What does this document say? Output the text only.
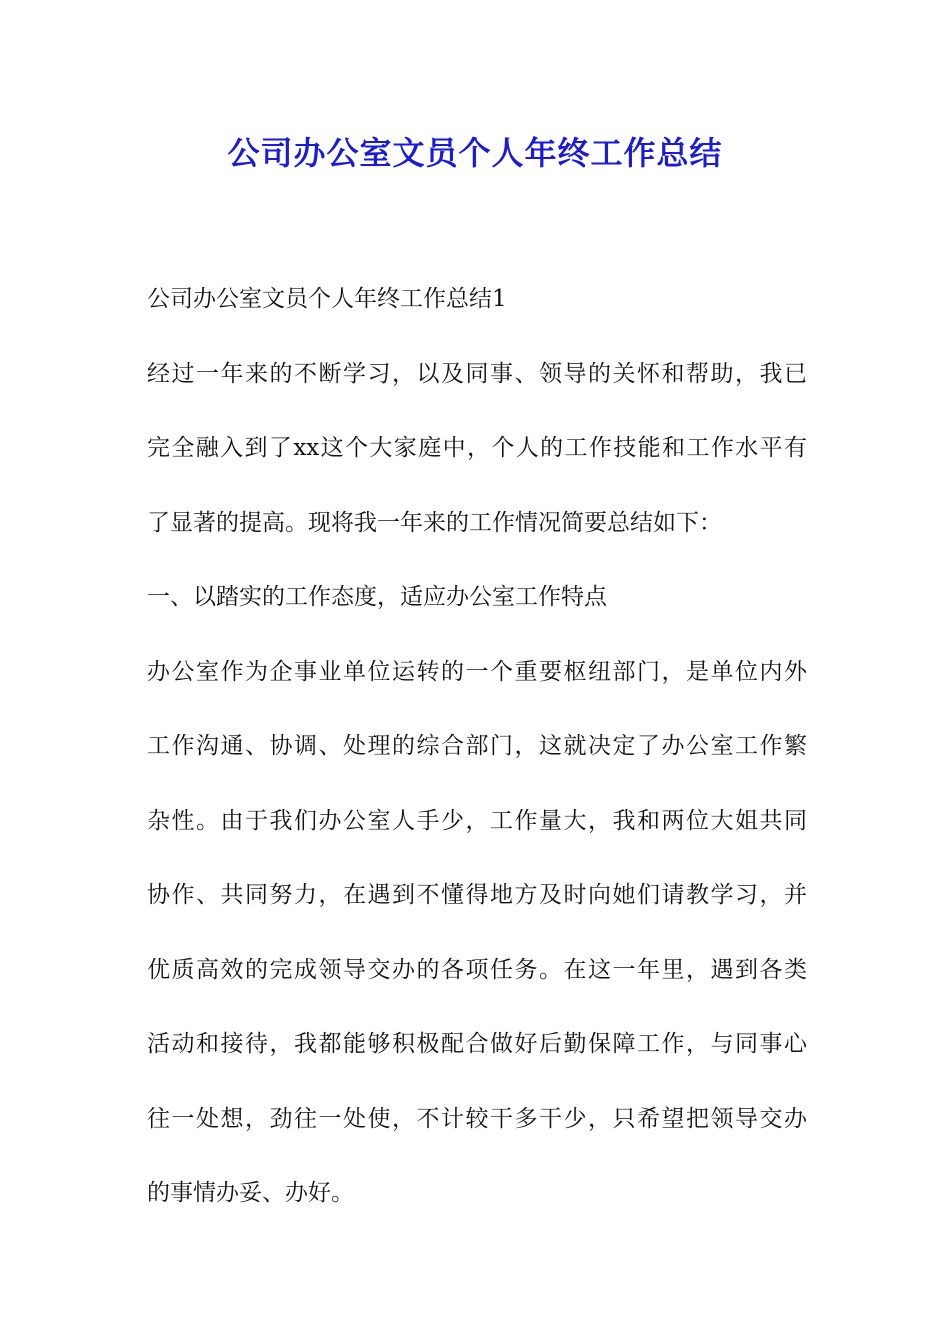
公司办公室文员个人年终工作总结
公司办公室文员个人年终工作总结1
经过一年来的不断学习，以及同事、领导的关怀和帮助，我已
完全融入到了xx这个大家庭中，个人的工作技能和工作水平有
了显著的提高。现将我一年来的工作情况简要总结如下：
一、以踏实的工作态度，适应办公室工作特点
办公室作为企事业单位运转的一个重要枢纽部门，是单位内外
工作沟通、协调、处理的综合部门，这就决定了办公室工作繁
杂性。由于我们办公室人手少，工作量大，我和两位大姐共同
协作、共同努力，在遇到不懂得地方及时向她们请教学习，并
优质高效的完成领导交办的各项任务。在这一年里，遇到各类
活动和接待，我都能够积极配合做好后勤保障工作，与同事心
往一处想，劲往一处使，不计较干多干少，只希望把领导交办
的事情办妥、办好。
